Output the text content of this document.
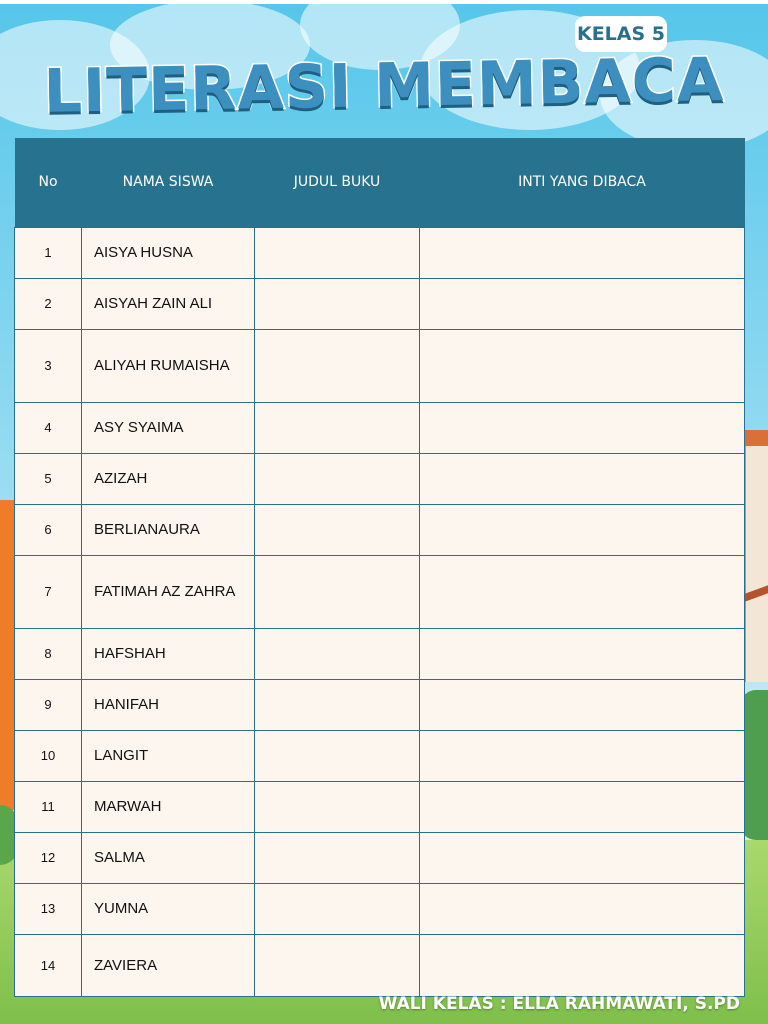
KELAS 5
LITERASI MEMBACA
No	NAMA SISWA	JUDUL BUKU	INTI YANG DIBACA
1	AISYA HUSNA		
2	AISYAH ZAIN ALI		
3	ALIYAH RUMAISHA		
4	ASY SYAIMA		
5	AZIZAH		
6	BERLIANAURA		
7	FATIMAH AZ ZAHRA		
8	HAFSHAH		
9	HANIFAH		
10	LANGIT		
11	MARWAH		
12	SALMA		
13	YUMNA		
14	ZAVIERA		
WALI KELAS : ELLA RAHMAWATI, S.PD
